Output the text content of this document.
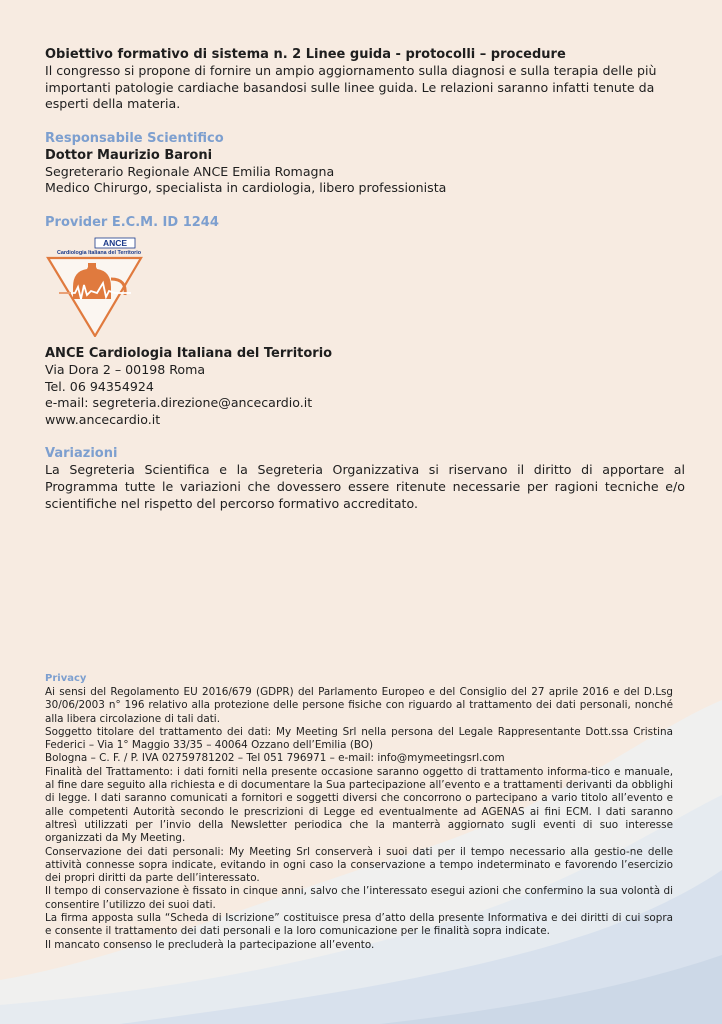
Obiettivo formativo di sistema n. 2 Linee guida - protocolli – procedure

Il congresso si propone di fornire un ampio aggiornamento sulla diagnosi e sulla terapia delle più importanti patologie cardiache basandosi sulle linee guida. Le relazioni saranno infatti tenute da esperti della materia.

Responsabile Scientifico

Dottor Maurizio Baroni

Segreterario Regionale ANCE Emilia Romagna

Medico Chirurgo, specialista in cardiologia, libero professionista

Provider E.C.M. ID 1244
ANCE
Cardiologia Italiana del Territorio

ANCE Cardiologia Italiana del Territorio

Via Dora 2 – 00198 Roma

Tel. 06 94354924

e-mail: segreteria.direzione@ancecardio.it

www.ancecardio.it

Variazioni

La Segreteria Scientifica e la Segreteria Organizzativa si riservano il diritto di apportare al Programma tutte le variazioni che dovessero essere ritenute necessarie per ragioni tecniche e/o scientifiche nel rispetto del percorso formativo accreditato.

Privacy

Ai sensi del Regolamento EU 2016/679 (GDPR) del Parlamento Europeo e del Consiglio del 27 aprile 2016 e del D.Lsg 30/06/2003 n° 196 relativo alla protezione delle persone fisiche con riguardo al trattamento dei dati personali, nonché alla libera circolazione di tali dati.

Soggetto titolare del trattamento dei dati: My Meeting Srl nella persona del Legale Rappresentante Dott.ssa Cristina Federici – Via 1° Maggio 33/35 – 40064 Ozzano dell’Emilia (BO)

Bologna – C. F. / P. IVA 02759781202 – Tel 051 796971 – e-mail: info@mymeetingsrl.com

Finalità del Trattamento: i dati forniti nella presente occasione saranno oggetto di trattamento informa-tico e manuale, al fine dare seguito alla richiesta e di documentare la Sua partecipazione all’evento e a trattamenti derivanti da obblighi di legge. I dati saranno comunicati a fornitori e soggetti diversi che concorrono o partecipano a vario titolo all’evento e alle competenti Autorità secondo le prescrizioni di Legge ed eventualmente ad AGENAS ai fini ECM. I dati saranno altresì utilizzati per l’invio della Newsletter periodica che la manterrà aggiornato sugli eventi di suo interesse organizzati da My Meeting.

Conservazione dei dati personali: My Meeting Srl conserverà i suoi dati per il tempo necessario alla gestio-ne delle attività connesse sopra indicate, evitando in ogni caso la conservazione a tempo indeterminato e favorendo l’esercizio dei propri diritti da parte dell’interessato.

Il tempo di conservazione è fissato in cinque anni, salvo che l’interessato esegui azioni che confermino la sua volontà di consentire l’utilizzo dei suoi dati.

La firma apposta sulla “Scheda di Iscrizione” costituisce presa d’atto della presente Informativa e dei diritti di cui sopra e consente il trattamento dei dati personali e la loro comunicazione per le finalità sopra indicate.

Il mancato consenso le precluderà la partecipazione all’evento.
